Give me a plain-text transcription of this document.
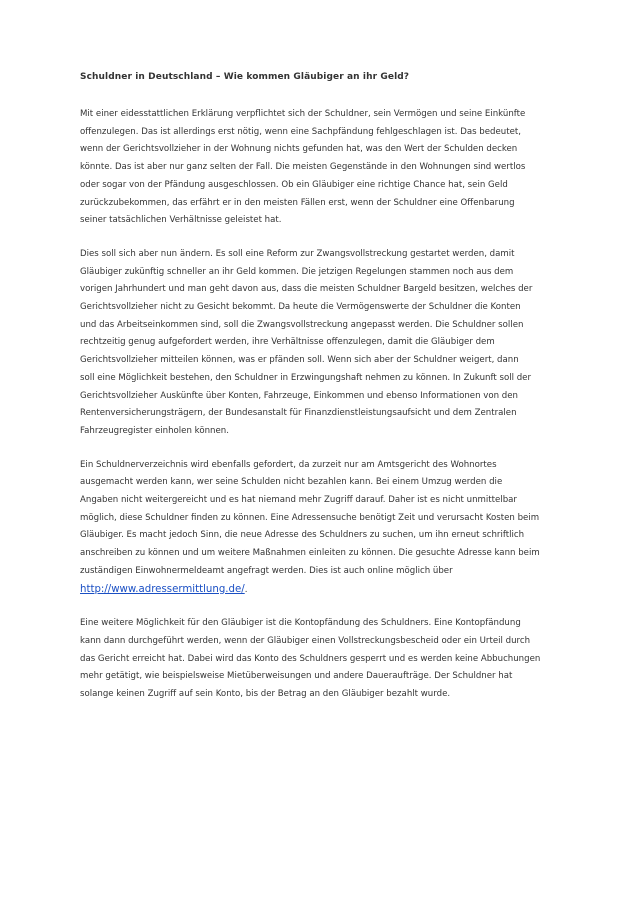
Schuldner in Deutschland – Wie kommen Gläubiger an ihr Geld?
Mit einer eidesstattlichen Erklärung verpflichtet sich der Schuldner, sein Vermögen und seine Einkünfte
offenzulegen. Das ist allerdings erst nötig, wenn eine Sachpfändung fehlgeschlagen ist. Das bedeutet,
wenn der Gerichtsvollzieher in der Wohnung nichts gefunden hat, was den Wert der Schulden decken
könnte. Das ist aber nur ganz selten der Fall. Die meisten Gegenstände in den Wohnungen sind wertlos
oder sogar von der Pfändung ausgeschlossen. Ob ein Gläubiger eine richtige Chance hat, sein Geld
zurückzubekommen, das erfährt er in den meisten Fällen erst, wenn der Schuldner eine Offenbarung
seiner tatsächlichen Verhältnisse geleistet hat.
Dies soll sich aber nun ändern. Es soll eine Reform zur Zwangsvollstreckung gestartet werden, damit
Gläubiger zukünftig schneller an ihr Geld kommen. Die jetzigen Regelungen stammen noch aus dem
vorigen Jahrhundert und man geht davon aus, dass die meisten Schuldner Bargeld besitzen, welches der
Gerichtsvollzieher nicht zu Gesicht bekommt. Da heute die Vermögenswerte der Schuldner die Konten
und das Arbeitseinkommen sind, soll die Zwangsvollstreckung angepasst werden. Die Schuldner sollen
rechtzeitig genug aufgefordert werden, ihre Verhältnisse offenzulegen, damit die Gläubiger dem
Gerichtsvollzieher mitteilen können, was er pfänden soll. Wenn sich aber der Schuldner weigert, dann
soll eine Möglichkeit bestehen, den Schuldner in Erzwingungshaft nehmen zu können. In Zukunft soll der
Gerichtsvollzieher Auskünfte über Konten, Fahrzeuge, Einkommen und ebenso Informationen von den
Rentenversicherungsträgern, der Bundesanstalt für Finanzdienstleistungsaufsicht und dem Zentralen
Fahrzeugregister einholen können.
Ein Schuldnerverzeichnis wird ebenfalls gefordert, da zurzeit nur am Amtsgericht des Wohnortes
ausgemacht werden kann, wer seine Schulden nicht bezahlen kann. Bei einem Umzug werden die
Angaben nicht weitergereicht und es hat niemand mehr Zugriff darauf. Daher ist es nicht unmittelbar
möglich, diese Schuldner finden zu können. Eine Adressensuche benötigt Zeit und verursacht Kosten beim
Gläubiger. Es macht jedoch Sinn, die neue Adresse des Schuldners zu suchen, um ihn erneut schriftlich
anschreiben zu können und um weitere Maßnahmen einleiten zu können. Die gesuchte Adresse kann beim
zuständigen Einwohnermeldeamt angefragt werden. Dies ist auch online möglich über
http://www.adressermittlung.de/.
Eine weitere Möglichkeit für den Gläubiger ist die Kontopfändung des Schuldners. Eine Kontopfändung
kann dann durchgeführt werden, wenn der Gläubiger einen Vollstreckungsbescheid oder ein Urteil durch
das Gericht erreicht hat. Dabei wird das Konto des Schuldners gesperrt und es werden keine Abbuchungen
mehr getätigt, wie beispielsweise Mietüberweisungen und andere Daueraufträge. Der Schuldner hat
solange keinen Zugriff auf sein Konto, bis der Betrag an den Gläubiger bezahlt wurde.
